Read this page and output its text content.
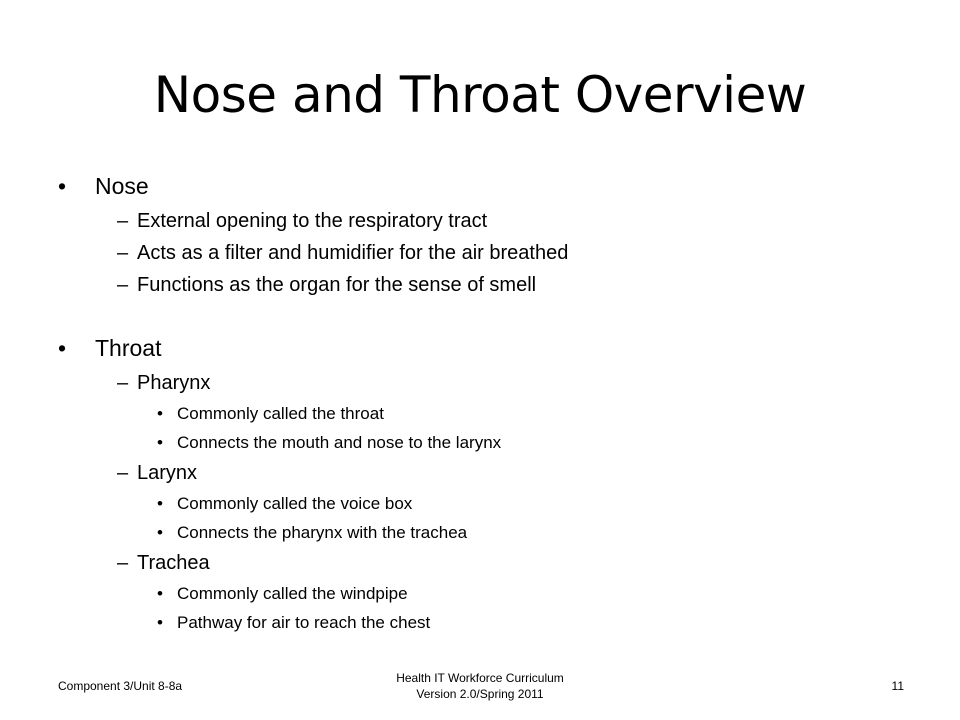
Nose and Throat Overview
• Nose
– External opening to the respiratory tract
– Acts as a filter and humidifier for the air breathed
– Functions as the organ for the sense of smell
• Throat
– Pharynx
• Commonly called the throat
• Connects the mouth and nose to the larynx
– Larynx
• Commonly called the voice box
• Connects the pharynx with the trachea
– Trachea
• Commonly called the windpipe
• Pathway for air to reach the chest
Component 3/Unit 8-8a
Health IT Workforce Curriculum
Version 2.0/Spring 2011
11
